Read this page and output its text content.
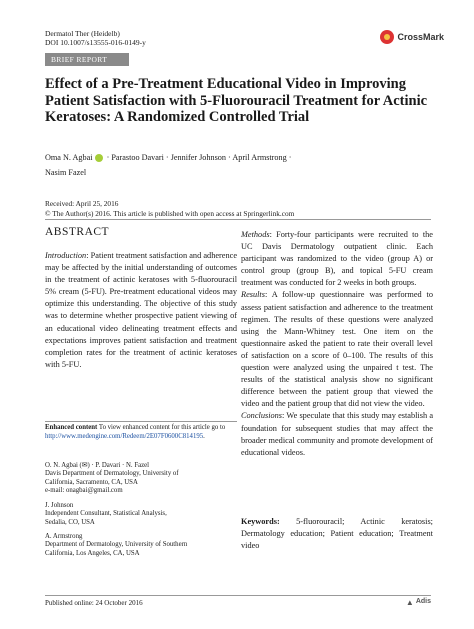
Dermatol Ther (Heidelb)
DOI 10.1007/s13555-016-0149-y
CrossMark
BRIEF REPORT
Effect of a Pre-Treatment Educational Video in Improving Patient Satisfaction with 5-Fluorouracil Treatment for Actinic Keratoses: A Randomized Controlled Trial
Oma N. Agbai · Parastoo Davari · Jennifer Johnson · April Armstrong ·
Nasim Fazel
Received: April 25, 2016
© The Author(s) 2016. This article is published with open access at Springerlink.com
ABSTRACT

Introduction: Patient treatment satisfaction and adherence may be affected by the initial understanding of outcomes in the treatment of actinic keratoses with 5-fluorouracil 5% cream (5-FU). Pre-treatment educational videos may optimize this understanding. The objective of this study was to determine whether prospective patient viewing of an educational video delineating treatment effects and expectations improves patient satisfaction and treatment completion rates for the treatment of actinic keratoses with 5-FU.

Enhanced content To view enhanced content for this article go to http://www.medengine.com/Redeem/2E07F0600C814195.
O. N. Agbai (✉) · P. Davari · N. Fazel
Davis Department of Dermatology, University of
California, Sacramento, CA, USA
e-mail: onagbai@gmail.com
J. Johnson
Independent Consultant, Statistical Analysis,
Sedalia, CO, USA
A. Armstrong
Department of Dermatology, University of Southern
California, Los Angeles, CA, USA

Methods: Forty-four participants were recruited to the UC Davis Dermatology outpatient clinic. Each participant was randomized to the video (group A) or control group (group B), and topical 5-FU cream treatment was conducted for 2 weeks in both groups.

Results: A follow-up questionnaire was performed to assess patient satisfaction and adherence to the treatment regimen. The results of these questions were analyzed using the Mann-Whitney test. One item on the questionnaire asked the patient to rate their overall level of satisfaction on a score of 0–100. The results of this question were analyzed using the unpaired t test. The results of the statistical analysis show no significant difference between the patient group that viewed the video and the patient group that did not view the video.

Conclusions: We speculate that this study may establish a foundation for subsequent studies that may affect the broader medical community and promote development of educational videos.

Keywords: 5-fluorouracil; Actinic keratosis; Dermatology education; Patient education; Treatment video
Published online: 24 October 2016	▲ Adis
